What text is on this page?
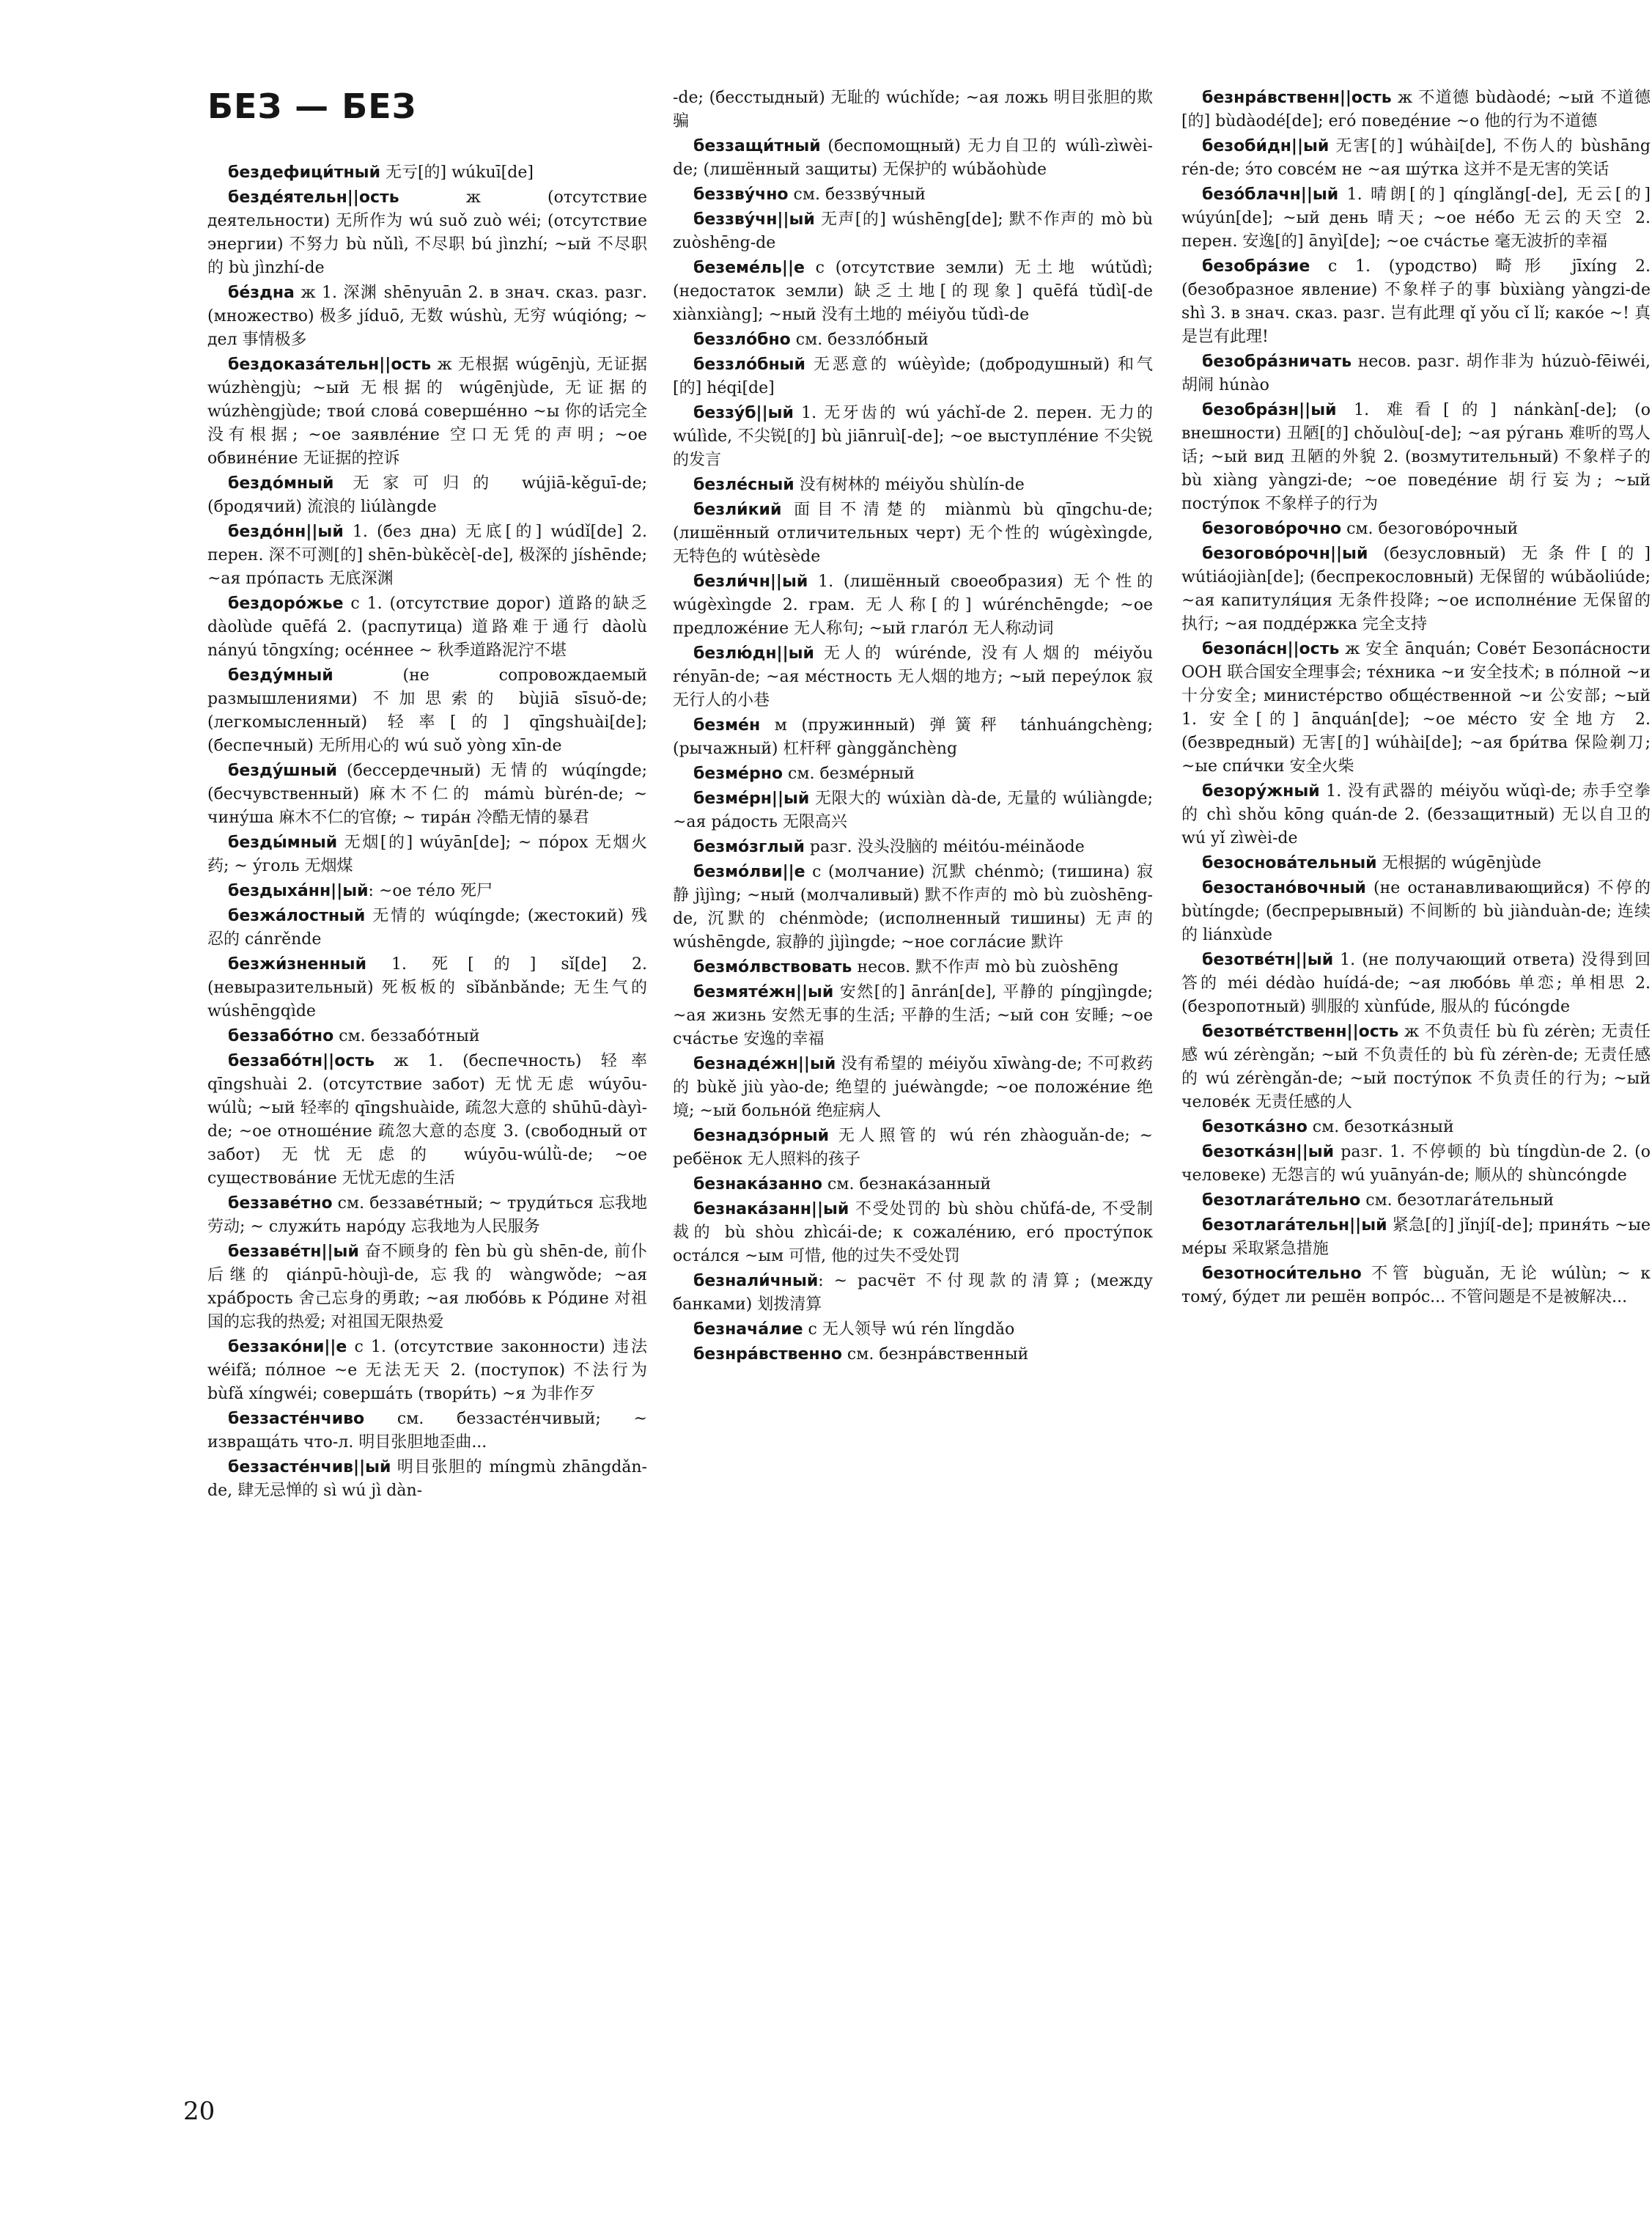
БЕЗ — БЕЗ

бездефици́тный 无亏[的] wúkuī[de]

безде́ятельн||ость ж (отсутствие деятельности) 无所作为 wú suǒ zuò wéi; (отсутствие энергии) 不努力 bù nǔlì, 不尽职 bú jìnzhí; ~ый 不尽职的 bù jìnzhí-de

бе́здна ж 1. 深渊 shēnyuān 2. в знач. сказ. разг. (множество) 极多 jíduō, 无数 wúshù, 无穷 wúqióng; ~ дел 事情极多

бездоказа́тельн||ость ж 无根据 wúgēnjù, 无证据 wúzhèngjù; ~ый 无根据的 wúgēnjùde, 无证据的 wúzhèngjùde; твои́ слова́ соверше́нно ~ы 你的话完全没有根据; ~ое заявле́ние 空口无凭的声明; ~ое обвине́ние 无证据的控诉

бездо́мный 无家可归的 wújiā-kěguī-de; (бродячий) 流浪的 liúlàngde

бездо́нн||ый 1. (без дна) 无底[的] wúdǐ[de] 2. перен. 深不可测[的] shēn-bùkěcè[-de], 极深的 jíshēnde; ~ая про́пасть 无底深渊

бездоро́жье с 1. (отсутствие дорог) 道路的缺乏 dàolùde quēfá 2. (распутица) 道路难于通行 dàolù nányú tōngxíng; осе́ннее ~ 秋季道路泥泞不堪

безду́мный (не сопровождаемый размышлениями) 不加思索的 bùjiā sīsuǒ-de; (легкомысленный) 轻率[的] qīngshuài[de]; (беспечный) 无所用心的 wú suǒ yòng xīn-de

безду́шный (бессердечный) 无情的 wúqíngde; (бесчувственный) 麻木不仁的 mámù bùrén-de; ~ чину́ша 麻木不仁的官僚; ~ тира́н 冷酷无情的暴君

безды́мный 无烟[的] wúyān[de]; ~ по́рох 无烟火药; ~ у́голь 无烟煤

бездыха́нн||ый: ~ое те́ло 死尸

безжа́лостный 无情的 wúqíngde; (жестокий) 残忍的 cánrěnde

безжи́зненный 1. 死[的] sǐ[de] 2. (невыразительный) 死板板的 sǐbǎnbǎnde; 无生气的 wúshēngqìde

беззабо́тно см. беззабо́тный

беззабо́тн||ость ж 1. (беспечность) 轻率 qīngshuài 2. (отсутствие забот) 无忧无虑 wúyōu-wúlǜ; ~ый 轻率的 qīngshuàide, 疏忽大意的 shūhū-dàyì-de; ~ое отноше́ние 疏忽大意的态度 3. (свободный от забот) 无忧无虑的 wúyōu-wúlǜ-de; ~ое существова́ние 无忧无虑的生活

беззаве́тно см. беззаве́тный; ~ труди́ться 忘我地劳动; ~ служи́ть наро́ду 忘我地为人民服务

беззаве́тн||ый 奋不顾身的 fèn bù gù shēn-de, 前仆后继的 qiánpū-hòujì-de, 忘我的 wàngwǒde; ~ая хра́брость 舍己忘身的勇敢; ~ая любо́вь к Ро́дине 对祖国的忘我的热爱; 对祖国无限热爱

беззако́ни||е с 1. (отсутствие законности) 违法 wéifǎ; по́лное ~е 无法无天 2. (поступок) 不法行为 bùfǎ xíngwéi; соверша́ть (твори́ть) ~я 为非作歹

беззасте́нчиво см. беззасте́нчивый; ~ извраща́ть что-л. 明目张胆地歪曲...

беззасте́нчив||ый 明目张胆的 míngmù zhāngdǎn-de, 肆无忌惮的 sì wú jì dàn-

-de; (бесстыдный) 无耻的 wúchǐde; ~ая ложь 明目张胆的欺骗

беззащи́тный (беспомощный) 无力自卫的 wúlì-zìwèi-de; (лишённый защиты) 无保护的 wúbǎohùde

беззву́чно см. беззву́чный

беззву́чн||ый 无声[的] wúshēng[de]; 默不作声的 mò bù zuòshēng-de

беземе́ль||е с (отсутствие земли) 无土地 wútǔdì; (недостаток земли) 缺乏土地[的现象] quēfá tǔdì[-de xiànxiàng]; ~ный 没有土地的 méiyǒu tǔdì-de

беззло́бно см. беззло́бный

беззло́бный 无恶意的 wúèyìde; (добродушный) 和气[的] héqi[de]

беззу́б||ый 1. 无牙齿的 wú yáchǐ-de 2. перен. 无力的 wúlìde, 不尖锐[的] bù jiānruì[-de]; ~ое выступле́ние 不尖锐的发言

безле́сный 没有树林的 méiyǒu shùlín-de

безли́кий 面目不清楚的 miànmù bù qīngchu-de; (лишённый отличительных черт) 无个性的 wúgèxìngde, 无特色的 wútèsède

безли́чн||ый 1. (лишённый своеобразия) 无个性的 wúgèxìngde 2. грам. 无人称[的] wúrénchēngde; ~ое предложе́ние 无人称句; ~ый глаго́л 无人称动词

безлю́дн||ый 无人的 wúrénde, 没有人烟的 méiyǒu rényān-de; ~ая ме́стность 无人烟的地方; ~ый переу́лок 寂无行人的小巷

безме́н м (пружинный) 弹簧秤 tánhuángchèng; (рычажный) 杠杆秤 gànggǎnchèng

безме́рно см. безме́рный

безме́рн||ый 无限大的 wúxiàn dà-de, 无量的 wúliàngde; ~ая ра́дость 无限高兴

безмо́зглый разг. 没头没脑的 méitóu-méinǎode

безмо́лви||е с (молчание) 沉默 chénmò; (тишина) 寂静 jìjìng; ~ный (молчаливый) 默不作声的 mò bù zuòshēng-de, 沉默的 chénmòde; (исполненный тишины) 无声的 wúshēngde, 寂静的 jìjìngde; ~ное согла́сие 默许

безмо́лвствовать несов. 默不作声 mò bù zuòshēng

безмяте́жн||ый 安然[的] ānrán[de], 平静的 píngjìngde; ~ая жизнь 安然无事的生活; 平静的生活; ~ый сон 安睡; ~ое сча́стье 安逸的幸福

безнаде́жн||ый 没有希望的 méiyǒu xīwàng-de; 不可救药的 bùkě jiù yào-de; 绝望的 juéwàngde; ~ое положе́ние 绝境; ~ый больно́й 绝症病人

безнадзо́рный 无人照管的 wú rén zhàoguǎn-de; ~ ребёнок 无人照料的孩子

безнака́занно см. безнака́занный

безнака́занн||ый 不受处罚的 bù shòu chǔfá-de, 不受制裁的 bù shòu zhìcái-de; к сожале́нию, его́ просту́пок оста́лся ~ым 可惜, 他的过失不受处罚

безнали́чный: ~ расчёт 不付现款的清算; (между банками) 划拨清算

безнача́лие с 无人领导 wú rén lǐngdǎo

безнра́вственно см. безнра́вственный

безнра́вственн||ость ж 不道德 bùdàodé; ~ый 不道德[的] bùdàodé[de]; его́ поведе́ние ~о 他的行为不道德

безоби́дн||ый 无害[的] wúhài[de], 不伤人的 bùshāng rén-de; э́то совсе́м не ~ая шу́тка 这并不是无害的笑话

безо́блачн||ый 1. 晴朗[的] qínglǎng[-de], 无云[的] wúyún[de]; ~ый день 晴天; ~ое не́бо 无云的天空 2. перен. 安逸[的] ānyì[de]; ~ое сча́стье 毫无波折的幸福

безобра́зие с 1. (уродство) 畸形 jīxíng 2. (безобразное явление) 不象样子的事 bùxiàng yàngzi-de shì 3. в знач. сказ. разг. 岂有此理 qǐ yǒu cǐ lǐ; како́е ~! 真是岂有此理!

безобра́зничать несов. разг. 胡作非为 húzuò-fēiwéi, 胡闹 húnào

безобра́зн||ый 1. 难看[的] nánkàn[-de]; (о внешности) 丑陋[的] chǒulòu[-de]; ~ая ру́гань 难听的骂人话; ~ый вид 丑陋的外貌 2. (возмутительный) 不象样子的 bù xiàng yàngzi-de; ~ое поведе́ние 胡行妄为; ~ый посту́пок 不象样子的行为

безогово́рочно см. безогово́рочный

безогово́рочн||ый (безусловный) 无条件[的] wútiáojiàn[de]; (беспрекословный) 无保留的 wúbǎoliúde; ~ая капитуля́ция 无条件投降; ~ое исполне́ние 无保留的执行; ~ая подде́ржка 完全支持

безопа́сн||ость ж 安全 ānquán; Сове́т Безопа́сности ООН 联合国安全理事会; те́хника ~и 安全技术; в по́лной ~и 十分安全; министе́рство обще́ственной ~и 公安部; ~ый 1. 安全[的] ānquán[de]; ~ое ме́сто 安全地方 2. (безвредный) 无害[的] wúhài[de]; ~ая бри́тва 保险剃刀; ~ые спи́чки 安全火柴

безору́жный 1. 没有武器的 méiyǒu wǔqì-de; 赤手空拳的 chì shǒu kōng quán-de 2. (беззащитный) 无以自卫的 wú yǐ zìwèi-de

безоснова́тельный 无根据的 wúgēnjùde

безостано́вочный (не останавливающийся) 不停的 bùtíngde; (беспрерывный) 不间断的 bù jiànduàn-de; 连续的 liánxùde

безотве́тн||ый 1. (не получающий ответа) 没得到回答的 méi dédào huídá-de; ~ая любо́вь 单恋; 单相思 2. (безропотный) 驯服的 xùnfúde, 服从的 fúcóngde

безотве́тственн||ость ж 不负责任 bù fù zérèn; 无责任感 wú zérèngǎn; ~ый 不负责任的 bù fù zérèn-de; 无责任感的 wú zérèngǎn-de; ~ый посту́пок 不负责任的行为; ~ый челове́к 无责任感的人

безотка́зно см. безотка́зный

безотка́зн||ый разг. 1. 不停顿的 bù tíngdùn-de 2. (о человеке) 无怨言的 wú yuānyán-de; 顺从的 shùncóngde

безотлага́тельно см. безотлага́тельный

безотлага́тельн||ый 紧急[的] jǐnjí[-de]; приня́ть ~ые ме́ры 采取紧急措施

безотноси́тельно 不管 bùguǎn, 无论 wúlùn; ~ к тому́, бу́дет ли решён вопро́с... 不管问题是不是被解决...

20
